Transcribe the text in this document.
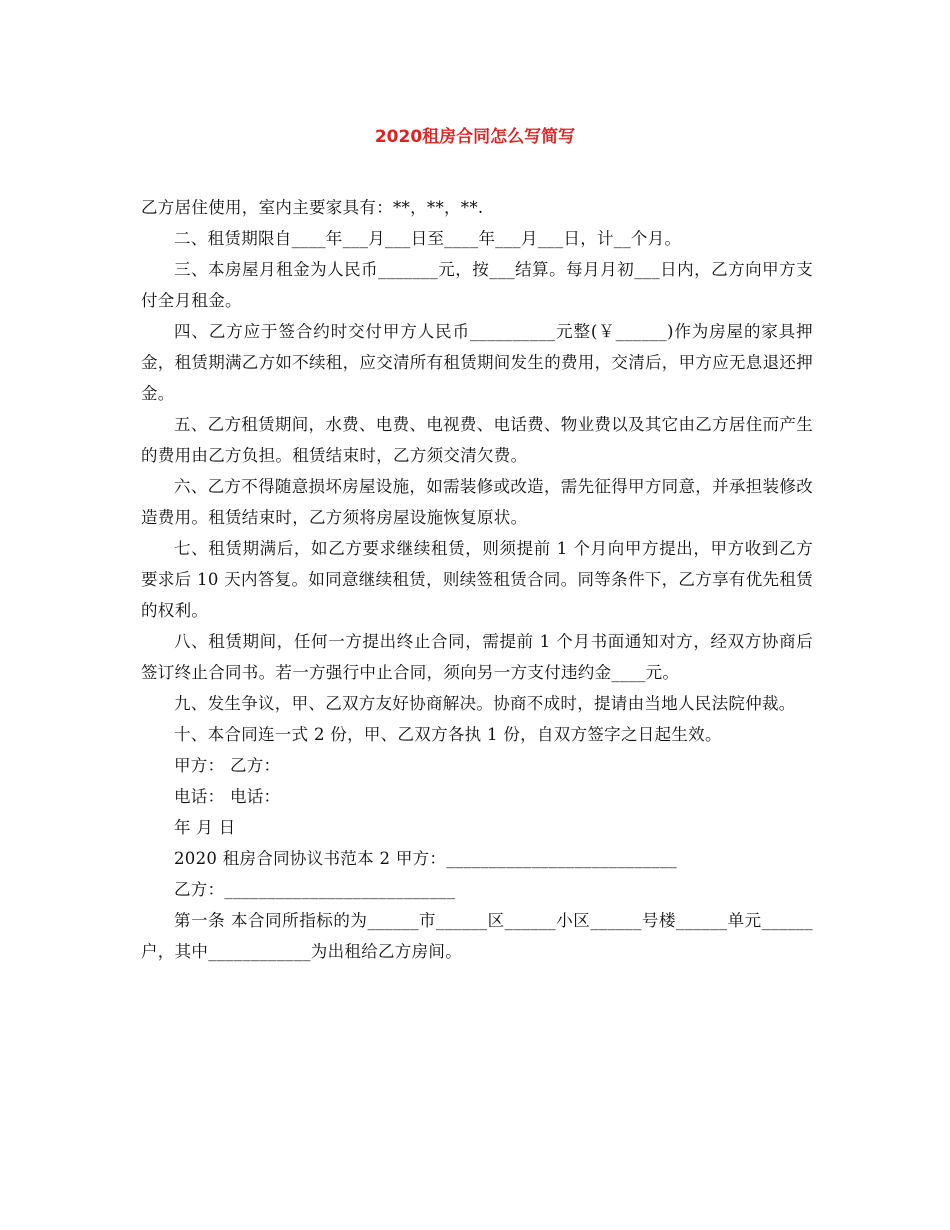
2020租房合同怎么写简写

乙方居住使用，室内主要家具有：**，**，**.

二、租赁期限自____年___月___日至____年___月___日，计__个月。

三、本房屋月租金为人民币_______元，按___结算。每月月初___日内，乙方向甲方支付全月租金。

四、乙方应于签合约时交付甲方人民币__________元整(￥______)作为房屋的家具押金，租赁期满乙方如不续租，应交清所有租赁期间发生的费用，交清后，甲方应无息退还押金。

五、乙方租赁期间，水费、电费、电视费、电话费、物业费以及其它由乙方居住而产生的费用由乙方负担。租赁结束时，乙方须交清欠费。

六、乙方不得随意损坏房屋设施，如需装修或改造，需先征得甲方同意，并承担装修改造费用。租赁结束时，乙方须将房屋设施恢复原状。

七、租赁期满后，如乙方要求继续租赁，则须提前 1 个月向甲方提出，甲方收到乙方要求后 10 天内答复。如同意继续租赁，则续签租赁合同。同等条件下，乙方享有优先租赁的权利。

八、租赁期间，任何一方提出终止合同，需提前 1 个月书面通知对方，经双方协商后签订终止合同书。若一方强行中止合同，须向另一方支付违约金____元。

九、发生争议，甲、乙双方友好协商解决。协商不成时，提请由当地人民法院仲裁。

十、本合同连一式 2 份，甲、乙双方各执 1 份，自双方签字之日起生效。

甲方： 乙方：

电话： 电话：

年 月 日

2020 租房合同协议书范本 2 甲方：___________________________

乙方：___________________________

第一条 本合同所指标的为______市______区______小区______号楼______单元______户，其中____________为出租给乙方房间。
